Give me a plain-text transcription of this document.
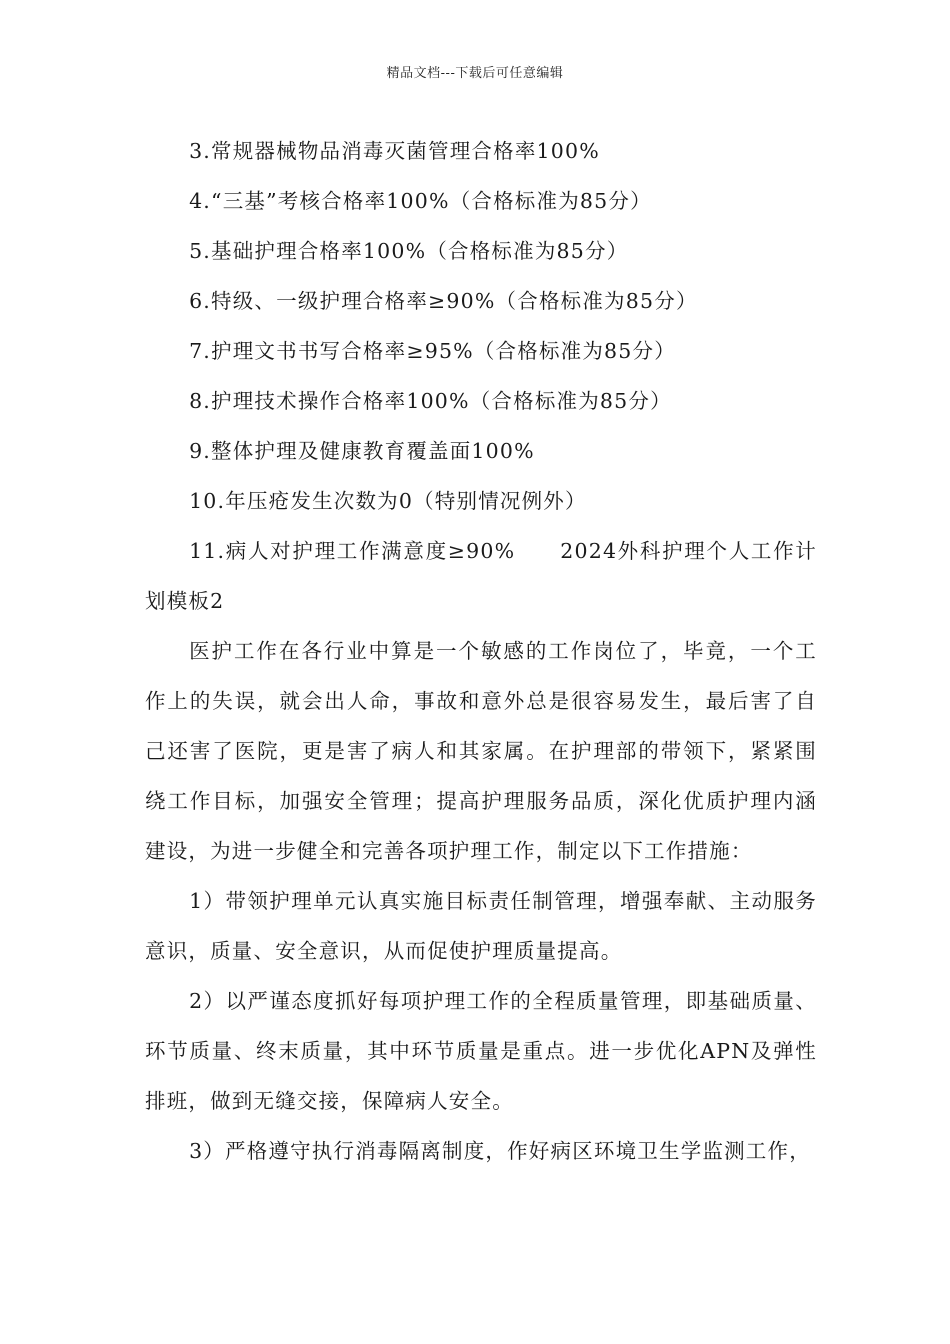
精品文档---下载后可任意编辑

3.常规器械物品消毒灭菌管理合格率100%

4.“三基”考核合格率100%（合格标准为85分）

5.基础护理合格率100%（合格标准为85分）

6.特级、一级护理合格率≥90%（合格标准为85分）

7.护理文书书写合格率≥95%（合格标准为85分）

8.护理技术操作合格率100%（合格标准为85分）

9.整体护理及健康教育覆盖面100%

10.年压疮发生次数为0（特别情况例外）

11.病人对护理工作满意度≥90%　　2024外科护理个人工作计划模板2

医护工作在各行业中算是一个敏感的工作岗位了，毕竟，一个工作上的失误，就会出人命，事故和意外总是很容易发生，最后害了自己还害了医院，更是害了病人和其家属。在护理部的带领下，紧紧围绕工作目标，加强安全管理；提高护理服务品质，深化优质护理内涵建设，为进一步健全和完善各项护理工作，制定以下工作措施：

1）带领护理单元认真实施目标责任制管理，增强奉献、主动服务意识，质量、安全意识，从而促使护理质量提高。

2）以严谨态度抓好每项护理工作的全程质量管理，即基础质量、环节质量、终末质量，其中环节质量是重点。进一步优化APN及弹性排班，做到无缝交接，保障病人安全。

3）严格遵守执行消毒隔离制度，作好病区环境卫生学监测工作，
